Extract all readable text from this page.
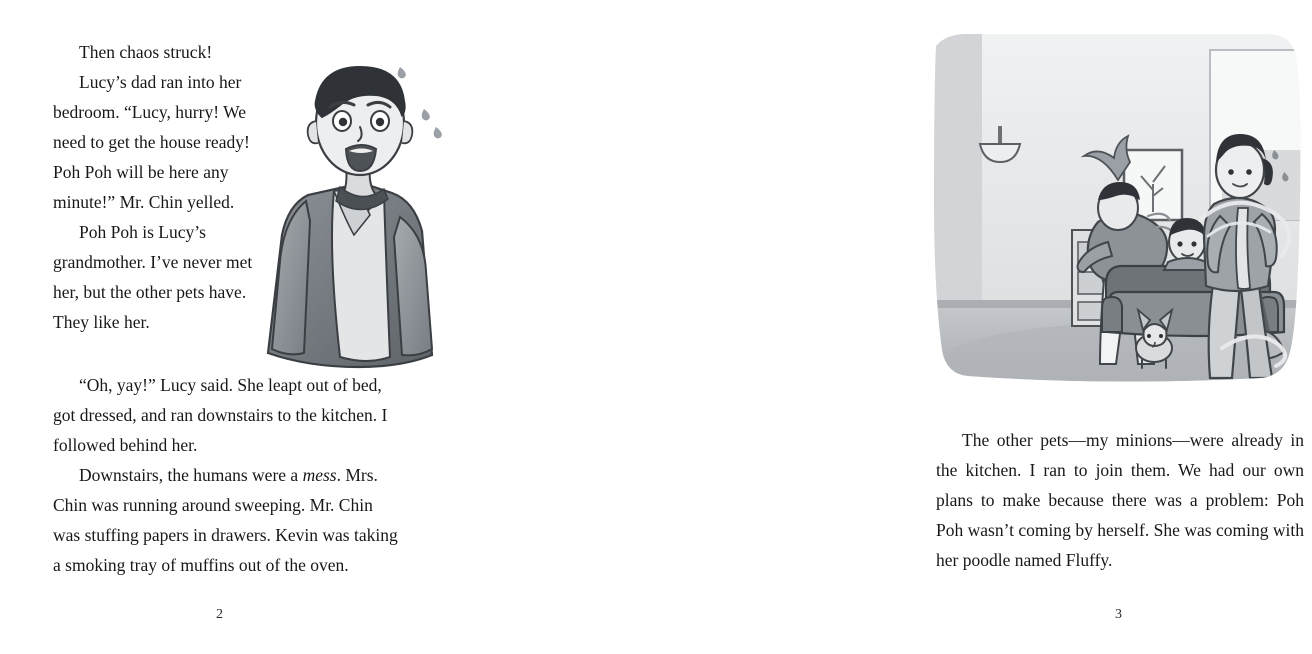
Then chaos struck!

Lucy’s dad ran into her bedroom. “Lucy, hurry! We need to get the house ready! Poh Poh will be here any minute!” Mr. Chin yelled.

Poh Poh is Lucy’s grandmother. I’ve never met her, but the other pets have. They like her.

“Oh, yay!” Lucy said. She leapt out of bed, got dressed, and ran downstairs to the kitchen. I followed behind her.

Downstairs, the humans were a mess. Mrs. Chin was running around sweeping. Mr. Chin was stuffing papers in drawers. Kevin was taking a smoking tray of muffins out of the oven.

2

The other pets—my minions—were already in the kitchen. I ran to join them. We had our own plans to make because there was a problem: Poh Poh wasn’t coming by herself. She was coming with her poodle named Fluffy.

3
